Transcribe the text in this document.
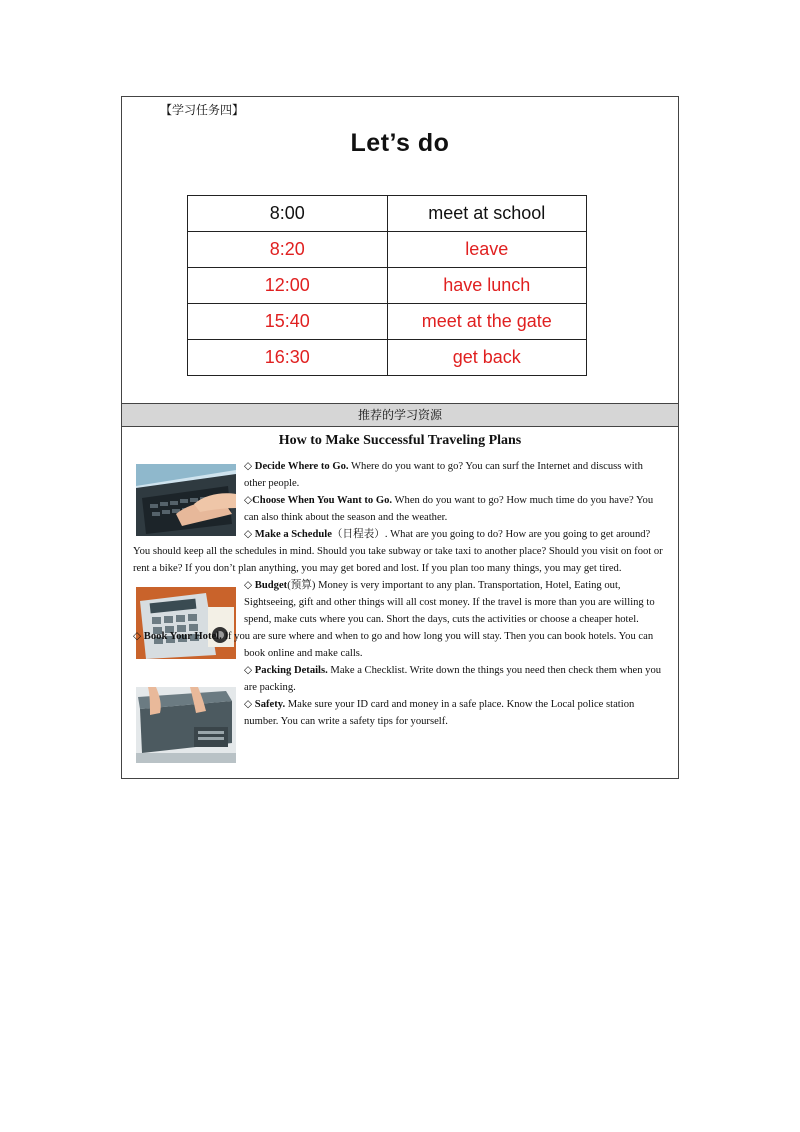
【学习任务四】
Let’s do
8:00	meet at school
8:20	leave
12:00	have lunch
15:40	meet at the gate
16:30	get back
推荐的学习资源
How to Make Successful Traveling Plans

◇ Decide Where to Go. Where do you want to go? You can surf the Internet and discuss with other people.

◇Choose When You Want to Go. When do you want to go? How much time do you have? You can also think about the season and the weather.

◇ Make a Schedule（日程表）. What are you going to do? How are you going to get around? You should keep all the schedules in mind. Should you take subway or take taxi to another place? Should you visit on foot or rent a bike? If you don’t plan anything, you may get bored and lost. If you plan too many things, you may get tired.

◇ Budget(预算) Money is very important to any plan. Transportation, Hotel, Eating out, Sightseeing, gift and other things will all cost money. If the travel is more than you are willing to spend, make cuts where you can. Short the days, cuts the activities or choose a cheaper hotel.

◇ Book Your Hotel. If you are sure where and when to go and how long you will stay. Then you can book hotels. You can book online and make calls.

◇ Packing Details. Make a Checklist. Write down the things you need then check them when you are packing.

◇ Safety. Make sure your ID card and money in a safe place. Know the Local police station number. You can write a safety tips for yourself.
